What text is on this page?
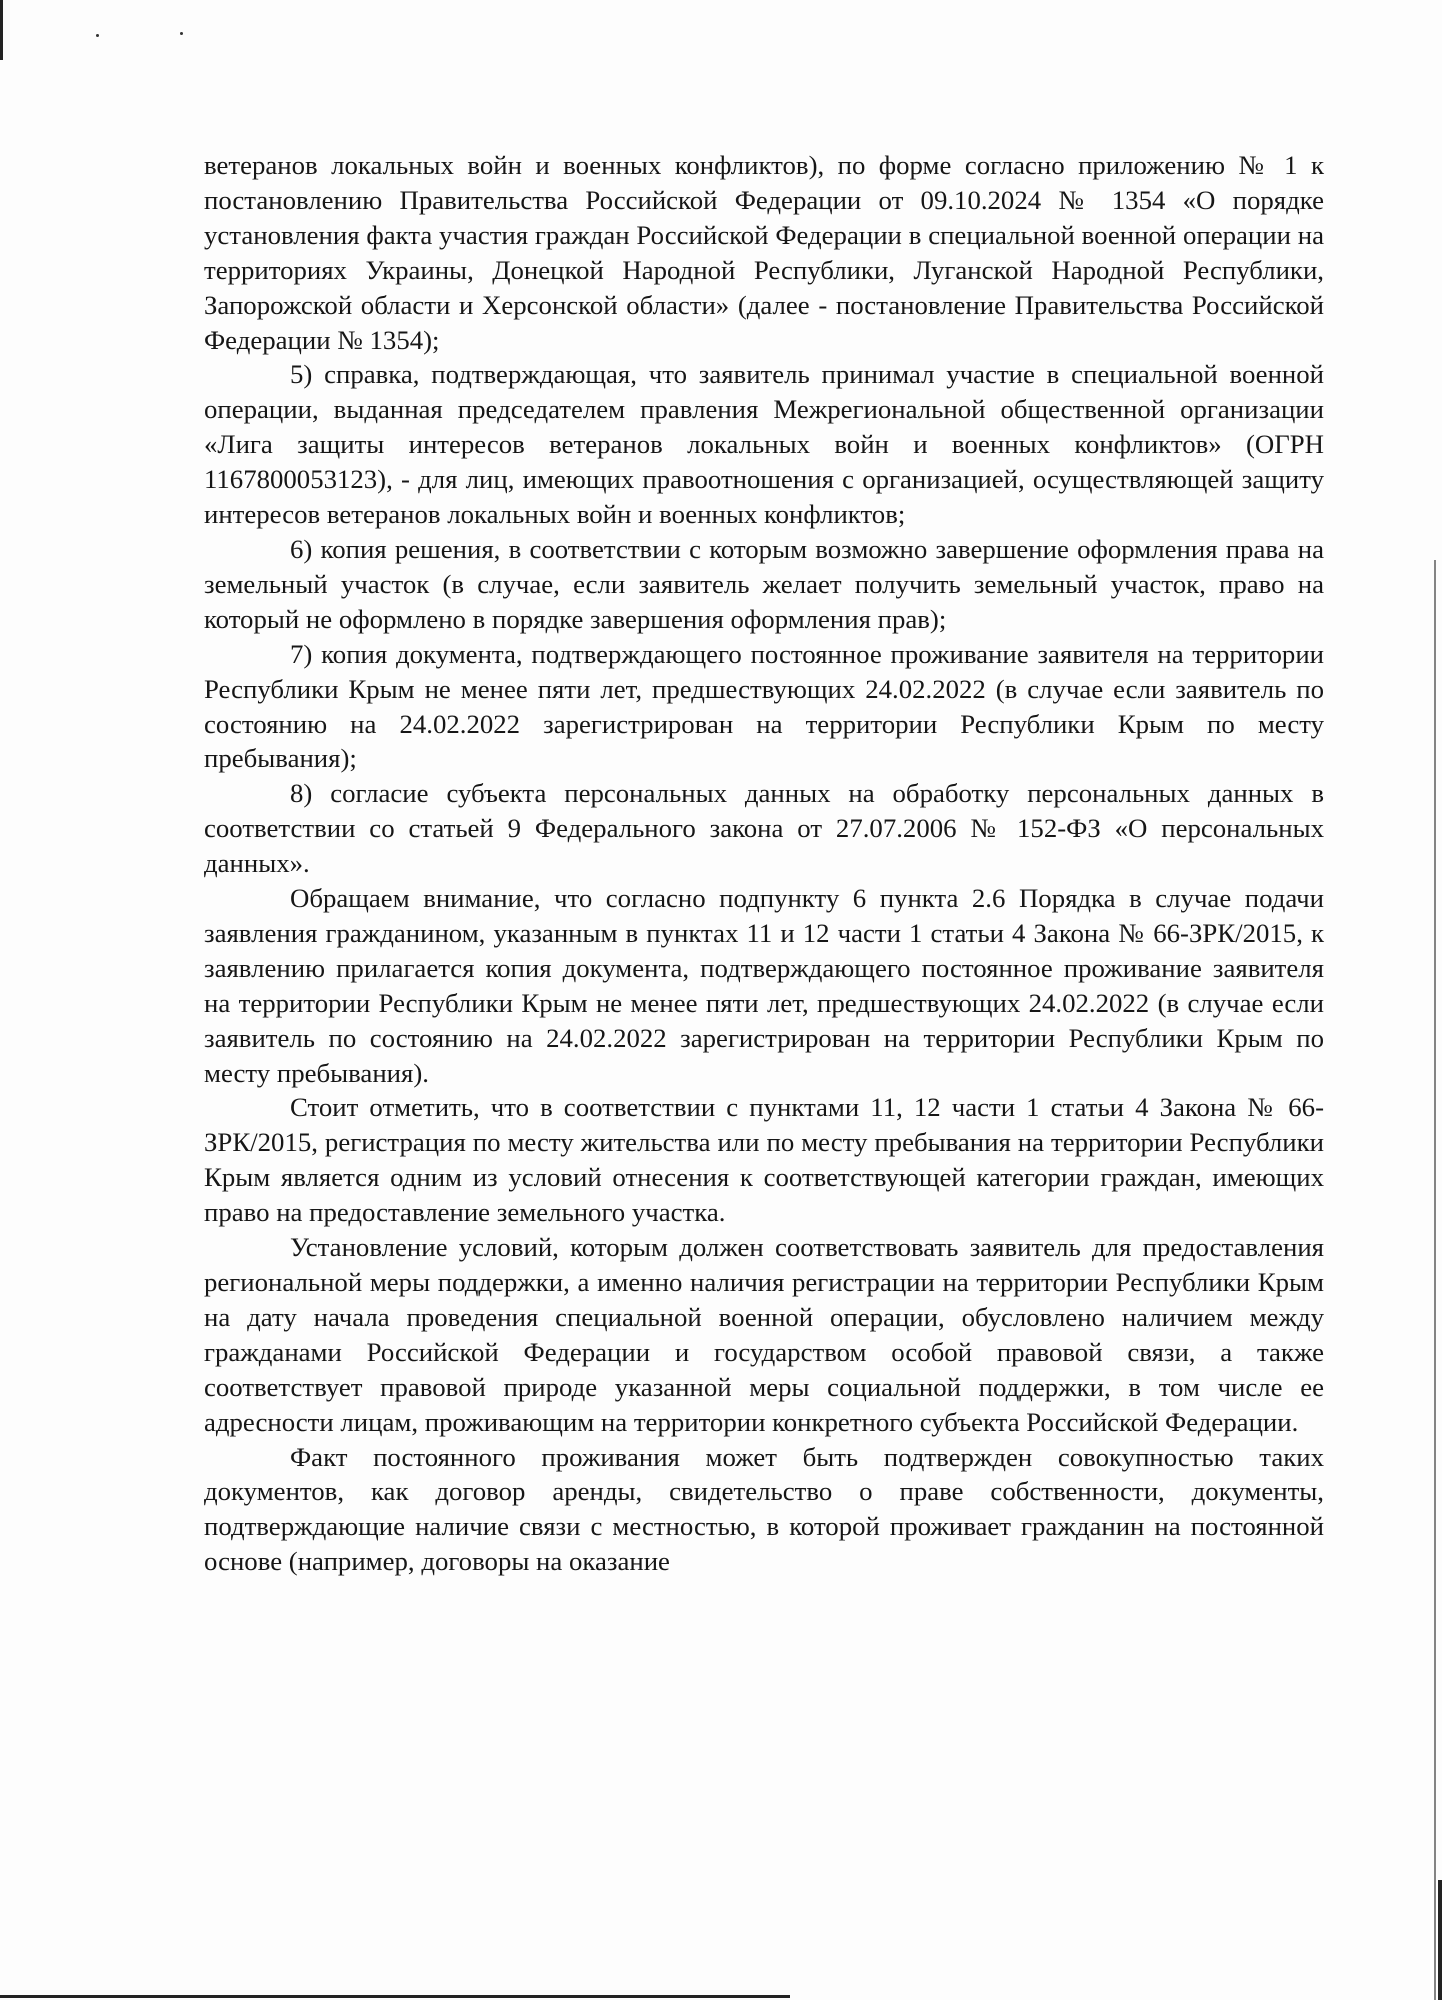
ветеранов локальных войн и военных конфликтов), по форме согласно приложению № 1 к постановлению Правительства Российской Федерации от 09.10.2024 № 1354 «О порядке установления факта участия граждан Российской Федерации в специальной военной операции на территориях Украины, Донецкой Народной Республики, Луганской Народной Республики, Запорожской области и Херсонской области» (далее - постановление Правительства Российской Федерации № 1354);

5) справка, подтверждающая, что заявитель принимал участие в специальной военной операции, выданная председателем правления Межрегиональной общественной организации «Лига защиты интересов ветеранов локальных войн и военных конфликтов» (ОГРН 1167800053123), - для лиц, имеющих правоотношения с организацией, осуществляющей защиту интересов ветеранов локальных войн и военных конфликтов;

6) копия решения, в соответствии с которым возможно завершение оформления права на земельный участок (в случае, если заявитель желает получить земельный участок, право на который не оформлено в порядке завершения оформления прав);

7) копия документа, подтверждающего постоянное проживание заявителя на территории Республики Крым не менее пяти лет, предшествующих 24.02.2022 (в случае если заявитель по состоянию на 24.02.2022 зарегистрирован на территории Республики Крым по месту пребывания);

8) согласие субъекта персональных данных на обработку персональных данных в соответствии со статьей 9 Федерального закона от 27.07.2006 № 152-ФЗ «О персональных данных».

Обращаем внимание, что согласно подпункту 6 пункта 2.6 Порядка в случае подачи заявления гражданином, указанным в пунктах 11 и 12 части 1 статьи 4 Закона № 66-ЗРК/2015, к заявлению прилагается копия документа, подтверждающего постоянное проживание заявителя на территории Республики Крым не менее пяти лет, предшествующих 24.02.2022 (в случае если заявитель по состоянию на 24.02.2022 зарегистрирован на территории Республики Крым по месту пребывания).

Стоит отметить, что в соответствии с пунктами 11, 12 части 1 статьи 4 Закона № 66-ЗРК/2015, регистрация по месту жительства или по месту пребывания на территории Республики Крым является одним из условий отнесения к соответствующей категории граждан, имеющих право на предоставление земельного участка.

Установление условий, которым должен соответствовать заявитель для предоставления региональной меры поддержки, а именно наличия регистрации на территории Республики Крым на дату начала проведения специальной военной операции, обусловлено наличием между гражданами Российской Федерации и государством особой правовой связи, а также соответствует правовой природе указанной меры социальной поддержки, в том числе ее адресности лицам, проживающим на территории конкретного субъекта Российской Федерации.

Факт постоянного проживания может быть подтвержден совокупностью таких документов, как договор аренды, свидетельство о праве собственности, документы, подтверждающие наличие связи с местностью, в которой проживает гражданин на постоянной основе (например, договоры на оказание
